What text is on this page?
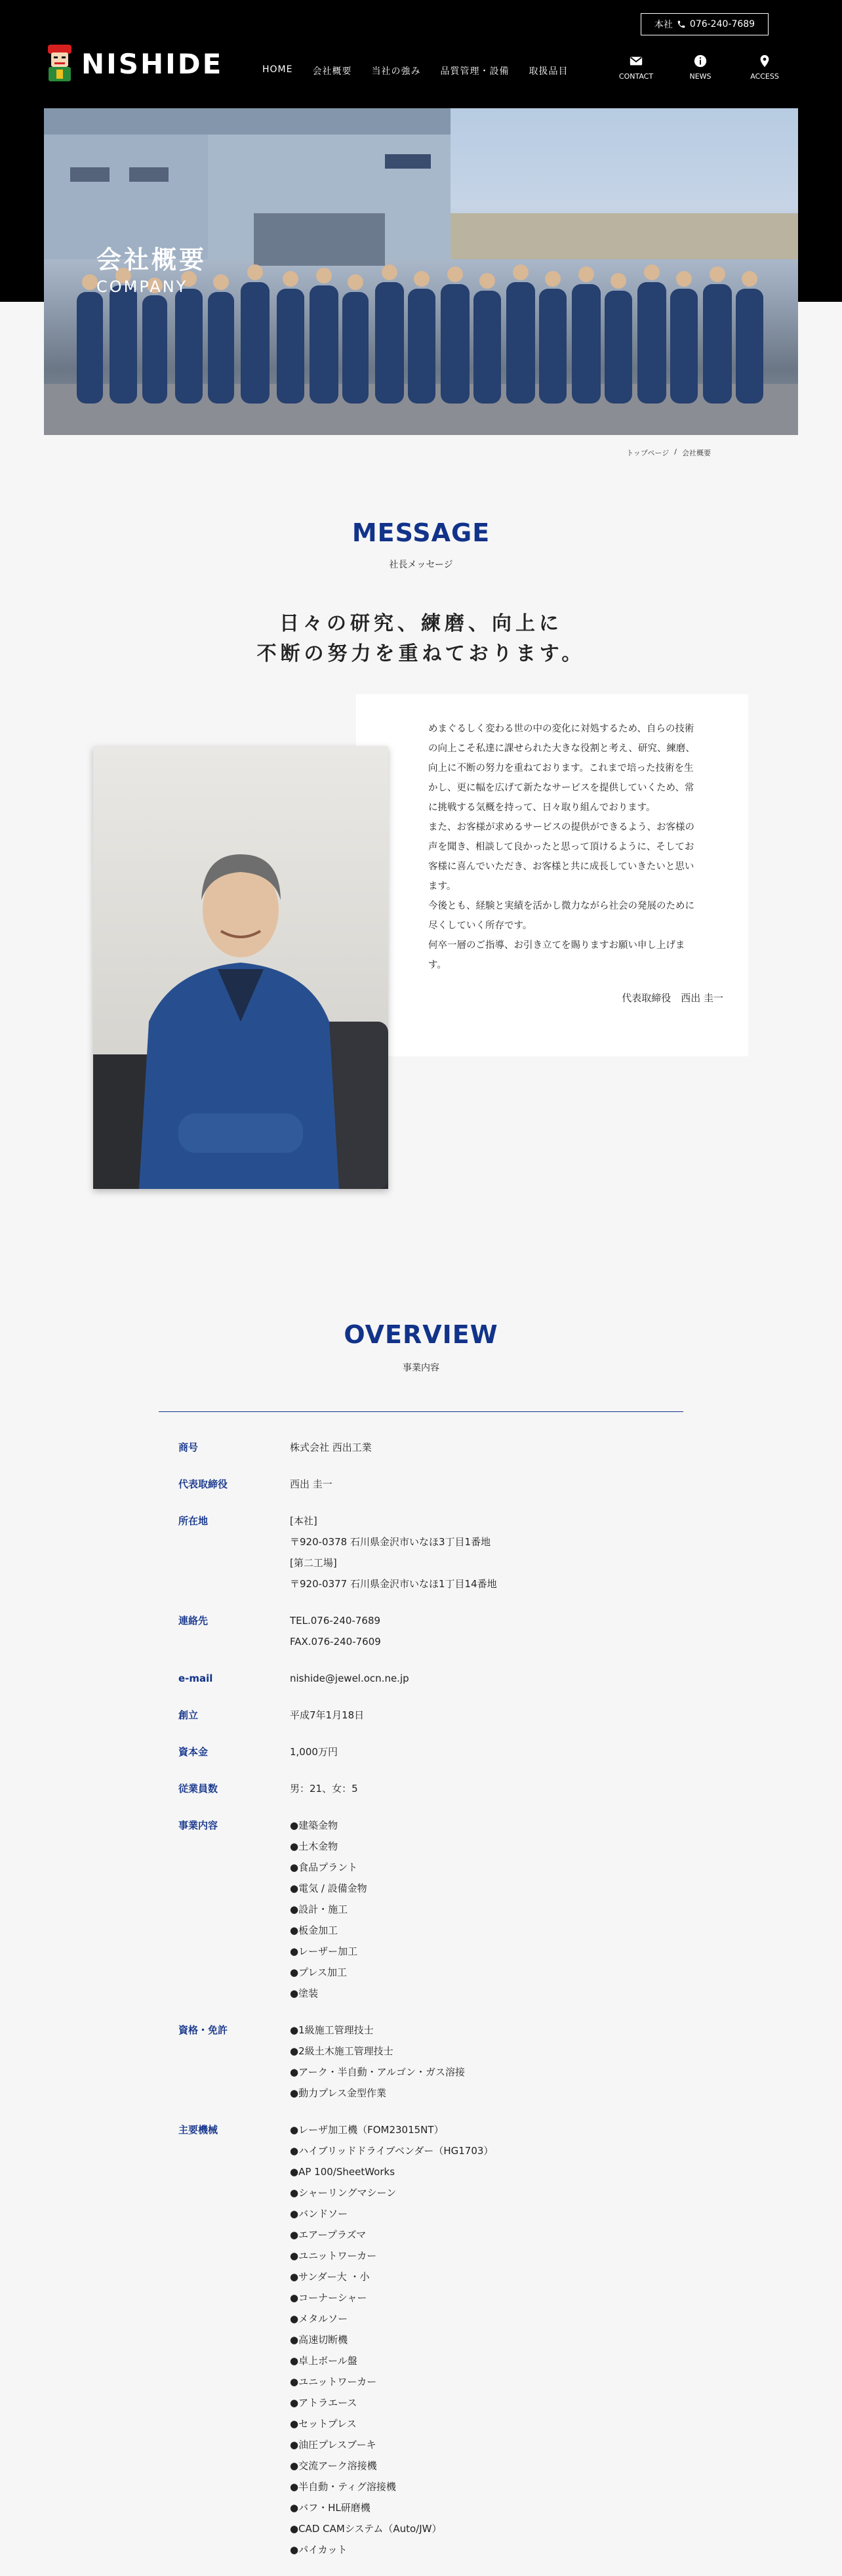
本社 076-240-7689
NISHIDE	HOME 会社概要 当社の強み 品質管理・設備 取扱品目	CONTACT	NEWS	ACCESS
会社概要
COMPANY
トップページ / 会社概要
MESSAGE
社長メッセージ
日々の研究、練磨、向上に
不断の努力を重ねております。
めまぐるしく変わる世の中の変化に対処するため、自らの技術
の向上こそ私達に課せられた大きな役割と考え、研究、練磨、
向上に不断の努力を重ねております。これまで培った技術を生
かし、更に幅を広げて新たなサービスを提供していくため、常
に挑戦する気概を持って、日々取り組んでおります。
また、お客様が求めるサービスの提供ができるよう、お客様の
声を聞き、相談して良かったと思って頂けるように、そしてお
客様に喜んでいただき、お客様と共に成長していきたいと思い
ます。
今後とも、経験と実績を活かし微力ながら社会の発展のために
尽くしていく所存です。
何卒一層のご指導、お引き立てを賜りますお願い申し上げま
す。
代表取締役　西出 圭一
OVERVIEW
事業内容
商号	株式会社 西出工業
代表取締役	西出 圭一
所在地	[本社]
〒920-0378 石川県金沢市いなほ3丁目1番地
[第二工場]
〒920-0377 石川県金沢市いなほ1丁目14番地
連絡先	TEL.076-240-7689
FAX.076-240-7609
e-mail	nishide@jewel.ocn.ne.jp
創立	平成7年1月18日
資本金	1,000万円
従業員数	男：21、女：5
事業内容	●建築金物
●土木金物
●食品プラント
●電気 / 設備金物
●設計・施工
●板金加工
●レーザー加工
●プレス加工
●塗装
資格・免許	●1級施工管理技士
●2級土木施工管理技士
●アーク・半自動・アルゴン・ガス溶接
●動力プレス金型作業
主要機械	●レーザ加工機（FOM23015NT）
●ハイブリッドドライブベンダー（HG1703）
●AP 100/SheetWorks
●シャーリングマシーン
●バンドソー
●エアープラズマ
●ユニットワーカー
●サンダー大 ・小
●コーナーシャー
●メタルソー
●高速切断機
●卓上ボール盤
●ユニットワーカー
●アトラエース
●セットプレス
●油圧プレスブーキ
●交流アーク溶接機
●半自動・ティグ溶接機
●バフ・HL研磨機
●CAD CAMシステム（Auto/JW）
●パイカット
